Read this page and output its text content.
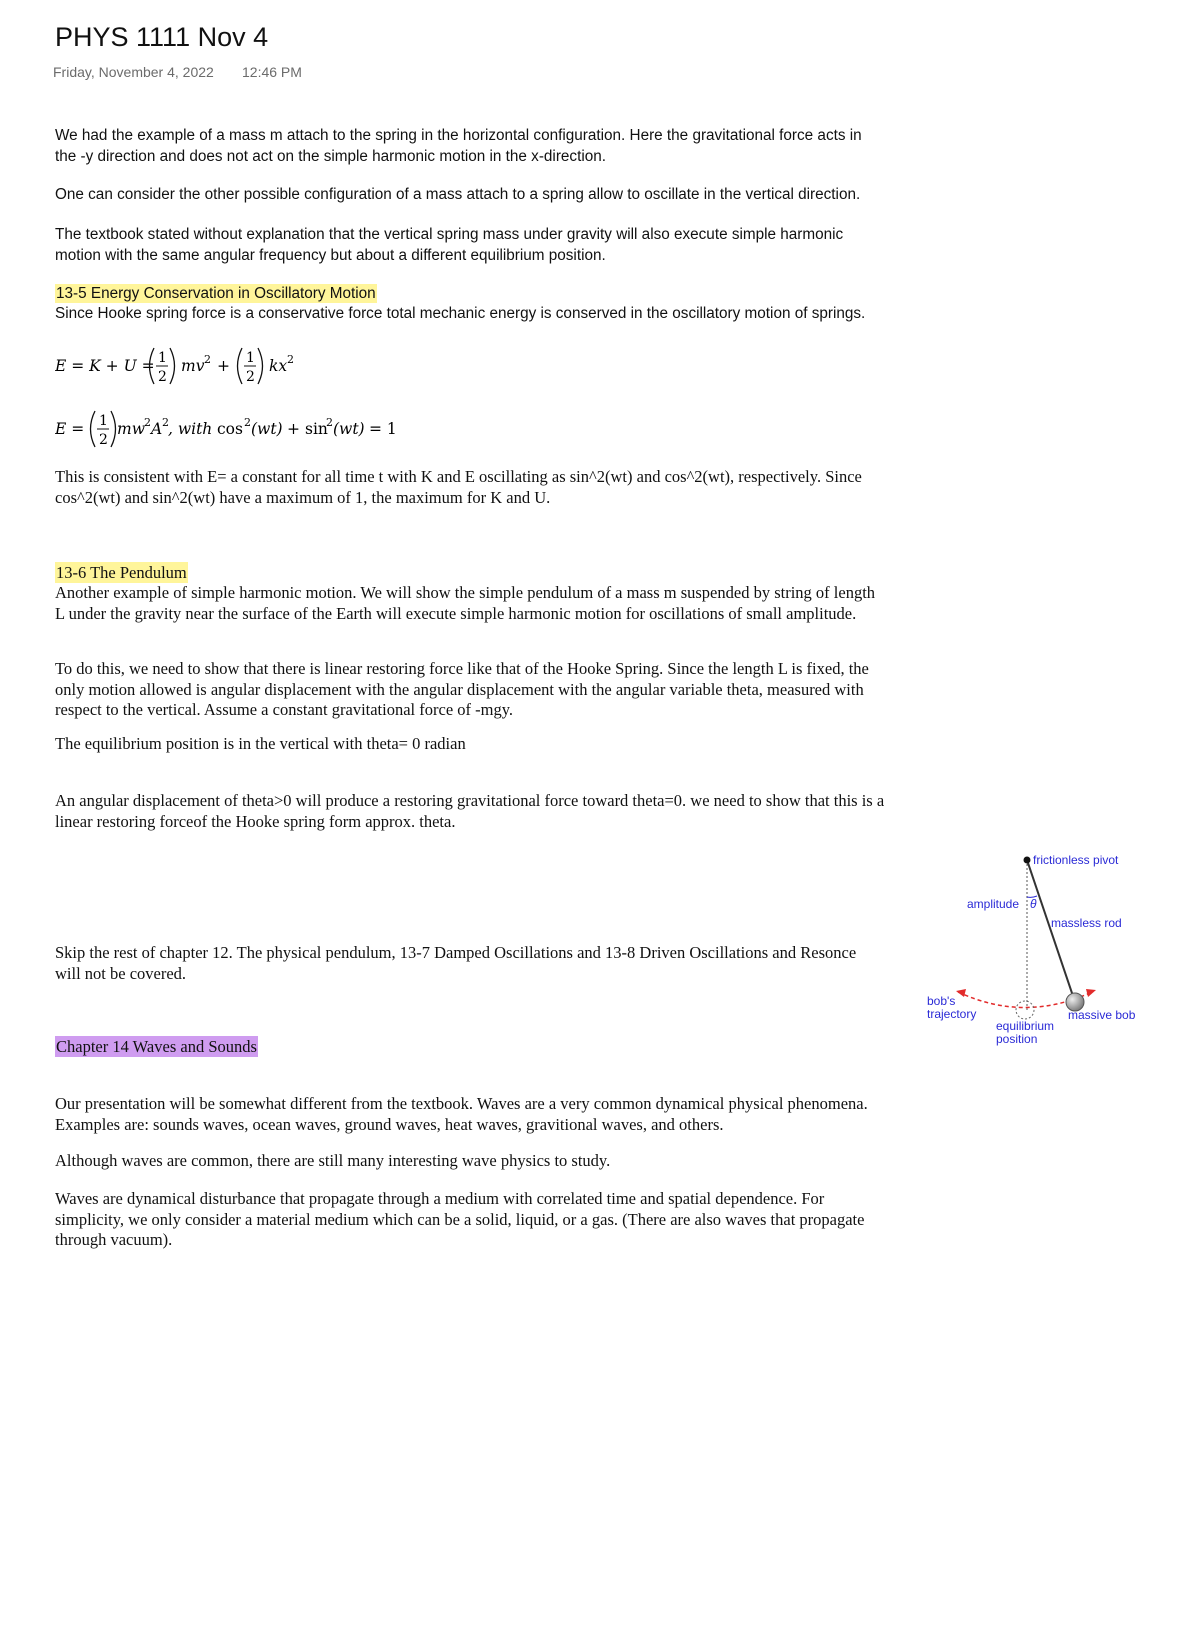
PHYS 1111 Nov 4
Friday, November 4, 2022 12:46 PM
We had the example of a mass m attach to the spring in the horizontal configuration. Here the gravitational force acts in the -y direction and does not act on the simple harmonic motion in the x-direction.
One can consider the other possible configuration of a mass attach to a spring allow to oscillate in the vertical direction.
The textbook stated without explanation that the vertical spring mass under gravity will also execute simple harmonic motion with the same angular frequency but about a different equilibrium position.
13-5 Energy Conservation in Oscillatory Motion
Since Hooke spring force is a conservative force total mechanic energy is conserved in the oscillatory motion of springs.
E = K + U = 1
2
mv 2 + 1
2
kx 2
E = 1
2
mw 2 A 2 , with cos 2 (wt) + sin
2 (wt) = 1
This is consistent with E= a constant for all time t with K and E oscillating as sin^2(wt) and cos^2(wt), respectively. Since cos^2(wt) and sin^2(wt) have a maximum of 1, the maximum for K and U.
13-6 The Pendulum
Another example of simple harmonic motion. We will show the simple pendulum of a mass m suspended by string of length L under the gravity near the surface of the Earth will execute simple harmonic motion for oscillations of small amplitude.
To do this, we need to show that there is linear restoring force like that of the Hooke Spring. Since the length L is fixed, the only motion allowed is angular displacement with the angular displacement with the angular variable theta, measured with respect to the vertical. Assume a constant gravitational force of -mgy.
The equilibrium position is in the vertical with theta= 0 radian
An angular displacement of theta>0 will produce a restoring gravitational force toward theta=0. we need to show that this is a linear restoring forceof the Hooke spring form approx. theta.
Skip the rest of chapter 12. The physical pendulum, 13-7 Damped Oscillations and 13-8 Driven Oscillations and Resonce will not be covered.
Chapter 14 Waves and Sounds
Our presentation will be somewhat different from the textbook. Waves are a very common dynamical physical phenomena. Examples are: sounds waves, ocean waves, ground waves, heat waves, gravitional waves, and others.
Although waves are common, there are still many interesting wave physics to study.
Waves are dynamical disturbance that propagate through a medium with correlated time and spatial dependence. For simplicity, we only consider a material medium which can be a solid, liquid, or a gas. (There are also waves that propagate through vacuum).
frictionless pivot
amplitude θ
massless rod
bob's
trajectory	massive bob
equilibrium
position
